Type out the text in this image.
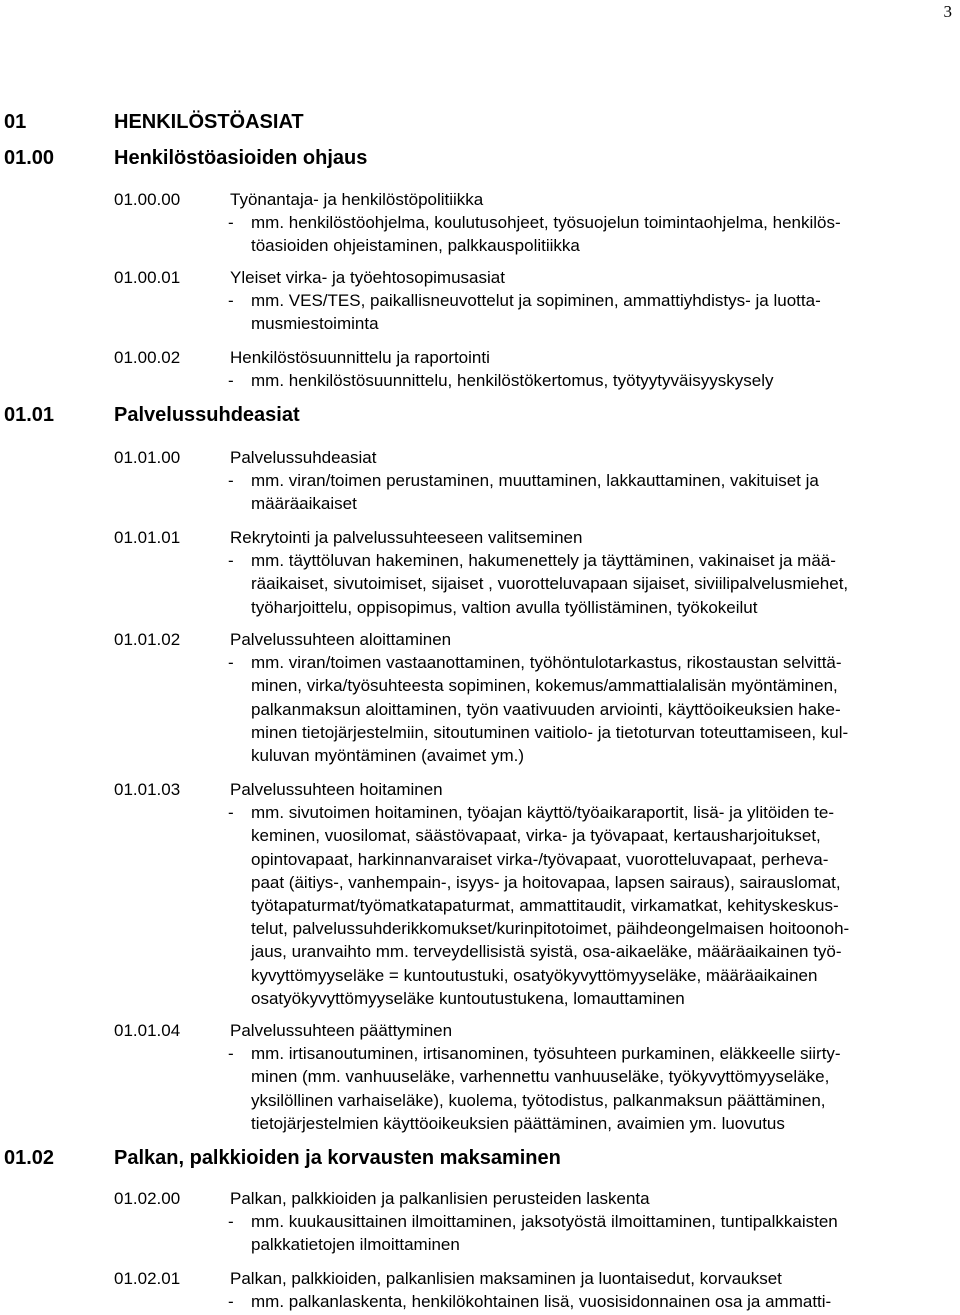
3
01	HENKILÖSTÖASIAT
01.00	Henkilöstöasioiden ohjaus
01.00.00	Työnantaja- ja henkilöstöpolitiikka
- mm. henkilöstöohjelma, koulutusohjeet, työsuojelun toimintaohjelma, henkilös-
töasioiden ohjeistaminen, palkkauspolitiikka
01.00.01	Yleiset virka- ja työehtosopimusasiat
- mm. VES/TES, paikallisneuvottelut ja sopiminen, ammattiyhdistys- ja luotta-
musmiestoiminta
01.00.02	Henkilöstösuunnittelu ja raportointi
- mm. henkilöstösuunnittelu, henkilöstökertomus, työtyytyväisyyskysely
01.01	Palvelussuhdeasiat
01.01.00	Palvelussuhdeasiat
- mm. viran/toimen perustaminen, muuttaminen, lakkauttaminen, vakituiset ja
määräaikaiset
01.01.01	Rekrytointi ja palvelussuhteeseen valitseminen
- mm. täyttöluvan hakeminen, hakumenettely ja täyttäminen, vakinaiset ja mää-
räaikaiset, sivutoimiset, sijaiset , vuorotteluvapaan sijaiset, siviilipalvelusmiehet,
työharjoittelu, oppisopimus, valtion avulla työllistäminen, työkokeilut
01.01.02	Palvelussuhteen aloittaminen
- mm. viran/toimen vastaanottaminen, työhöntulotarkastus, rikostaustan selvittä-
minen, virka/työsuhteesta sopiminen, kokemus/ammattialalisän myöntäminen,
palkanmaksun aloittaminen, työn vaativuuden arviointi, käyttöoikeuksien hake-
minen tietojärjestelmiin, sitoutuminen vaitiolo- ja tietoturvan toteuttamiseen, kul-
kuluvan myöntäminen (avaimet ym.)
01.01.03	Palvelussuhteen hoitaminen
- mm. sivutoimen hoitaminen, työajan käyttö/työaikaraportit, lisä- ja ylitöiden te-
keminen, vuosilomat, säästövapaat, virka- ja työvapaat, kertausharjoitukset,
opintovapaat, harkinnanvaraiset virka-/työvapaat, vuorotteluvapaat, perheva-
paat (äitiys-, vanhempain-, isyys- ja hoitovapaa, lapsen sairaus), sairauslomat,
työtapaturmat/työmatkatapaturmat, ammattitaudit, virkamatkat, kehityskeskus-
telut, palvelussuhderikkomukset/kurinpitotoimet, päihdeongelmaisen hoitoonoh-
jaus, uranvaihto mm. terveydellisistä syistä, osa-aikaeläke, määräaikainen työ-
kyvyttömyyseläke = kuntoutustuki, osatyökyvyttömyyseläke, määräaikainen
osatyökyvyttömyyseläke kuntoutustukena, lomauttaminen
01.01.04	Palvelussuhteen päättyminen
- mm. irtisanoutuminen, irtisanominen, työsuhteen purkaminen, eläkkeelle siirty-
minen (mm. vanhuuseläke, varhennettu vanhuuseläke, työkyvyttömyyseläke,
yksilöllinen varhaiseläke), kuolema, työtodistus, palkanmaksun päättäminen,
tietojärjestelmien käyttöoikeuksien päättäminen, avaimien ym. luovutus
01.02	Palkan, palkkioiden ja korvausten maksaminen
01.02.00	Palkan, palkkioiden ja palkanlisien perusteiden laskenta
- mm. kuukausittainen ilmoittaminen, jaksotyöstä ilmoittaminen, tuntipalkkaisten
palkkatietojen ilmoittaminen
01.02.01	Palkan, palkkioiden, palkanlisien maksaminen ja luontaisedut, korvaukset
- mm. palkanlaskenta, henkilökohtainen lisä, vuosisidonnainen osa ja ammatti-
